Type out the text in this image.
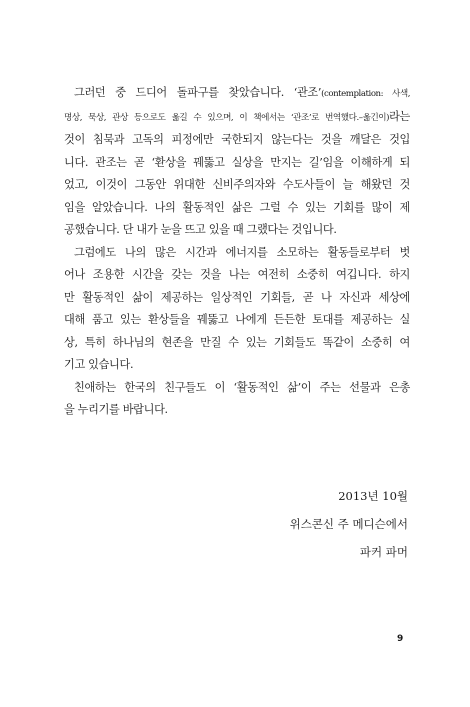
그러던 중 드디어 돌파구를 찾았습니다. ‘관조’(contemplation: 사색,
명상, 묵상, 관상 등으로도 옮길 수 있으며, 이 책에서는 ‘관조’로 번역했다.–옮긴이)라는
것이 침묵과 고독의 피정에만 국한되지 않는다는 것을 깨달은 것입
니다. 관조는 곧 ‘환상을 꿰뚫고 실상을 만지는 길’임을 이해하게 되
었고, 이것이 그동안 위대한 신비주의자와 수도사들이 늘 해왔던 것
임을 알았습니다. 나의 활동적인 삶은 그럴 수 있는 기회를 많이 제
공했습니다. 단 내가 눈을 뜨고 있을 때 그랬다는 것입니다.
그럼에도 나의 많은 시간과 에너지를 소모하는 활동들로부터 벗
어나 조용한 시간을 갖는 것을 나는 여전히 소중히 여깁니다. 하지
만 활동적인 삶이 제공하는 일상적인 기회들, 곧 나 자신과 세상에
대해 품고 있는 환상들을 꿰뚫고 나에게 든든한 토대를 제공하는 실
상, 특히 하나님의 현존을 만질 수 있는 기회들도 똑같이 소중히 여
기고 있습니다.
친애하는 한국의 친구들도 이 ‘활동적인 삶’이 주는 선물과 은총
을 누리기를 바랍니다.
2013년 10월
위스콘신 주 메디슨에서
파커 파머
9
